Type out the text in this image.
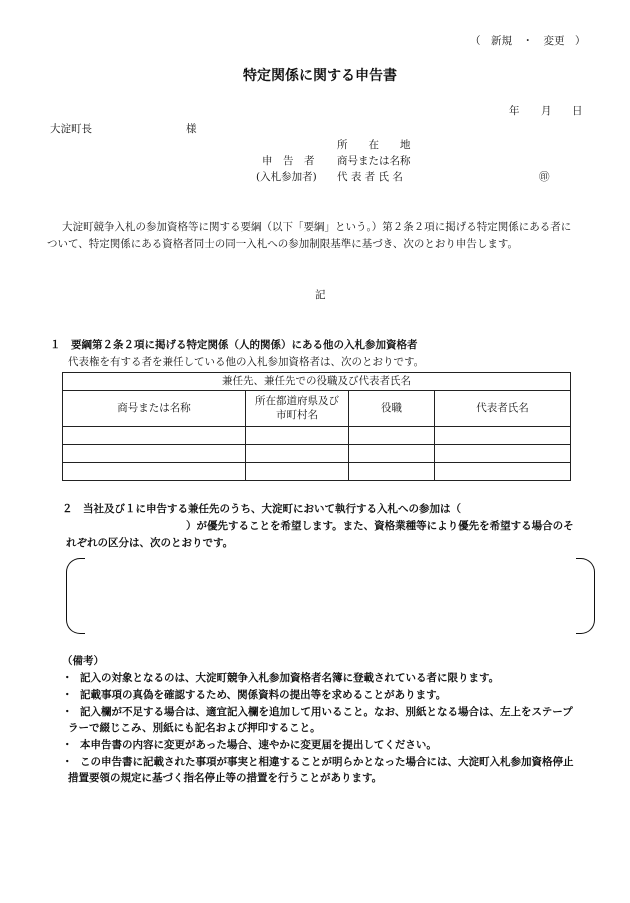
（　新規　・　変更　）
特定関係に関する申告書
年 月 日
大淀町長	様
所　　在　　地
申　告　者 商号または名称
(入札参加者) 代 表 者 氏 名	㊞
大淀町競争入札の参加資格等に関する要綱（以下「要綱」という。）第２条２項に掲げる特定関係にある者に
ついて、特定関係にある資格者同士の同一入札への参加制限基準に基づき、次のとおり申告します。
記
１　要綱第２条２項に掲げる特定関係（人的関係）にある他の入札参加資格者
代表権を有する者を兼任している他の入札参加資格者は、次のとおりです。
兼任先、兼任先での役職及び代表者氏名			
商号または名称	所在都道府県及び
市町村名	役職	代表者氏名

２　当社及び１に申告する兼任先のうち、大淀町において執行する入札への参加は（
）が優先することを希望します。また、資格業種等により優先を希望する場合のそ
れぞれの区分は、次のとおりです。
（備考）
・ 記入の対象となるのは、大淀町競争入札参加資格者名簿に登載されている者に限ります。
・ 記載事項の真偽を確認するため、関係資料の提出等を求めることがあります。
・ 記入欄が不足する場合は、適宜記入欄を追加して用いること。なお、別紙となる場合は、左上をステープ
ラーで綴じこみ、別紙にも記名および押印すること。
・ 本申告書の内容に変更があった場合、速やかに変更届を提出してください。
・ この申告書に記載された事項が事実と相違することが明らかとなった場合には、大淀町入札参加資格停止
措置要領の規定に基づく指名停止等の措置を行うことがあります。
